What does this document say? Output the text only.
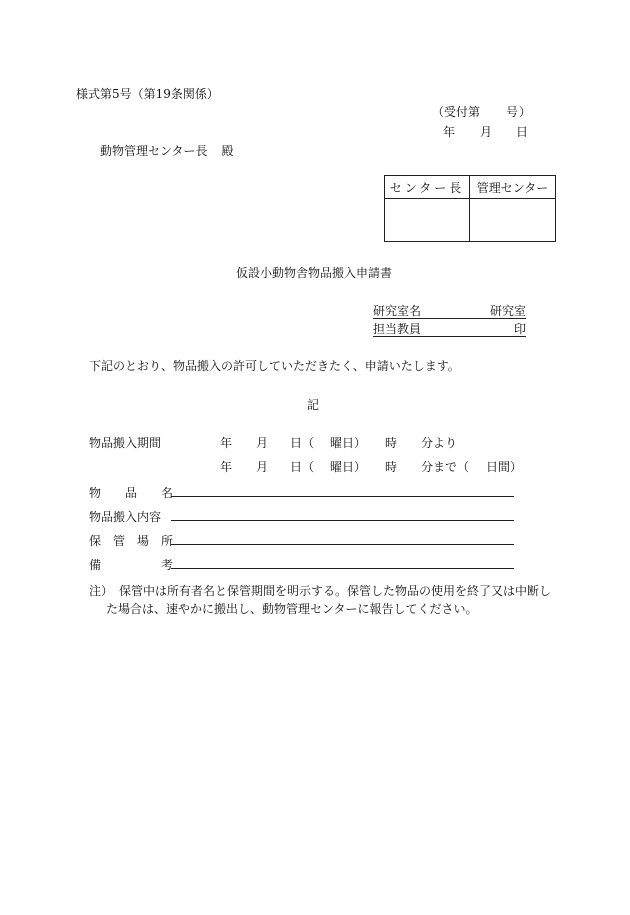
様式第5号（第19条関係）
（受付第 号 ）
年 月 日
動物管理センター長 殿
センター長	管理センター

仮設小動物舎物品搬入申請書
研究室名	研究室
担当教員	印
下記のとおり、物品搬入の許可していただきたく、申請いたします。
記
物品搬入期間	年 月 日（ 曜日） 時 分より
年 月 日（ 曜日） 時 分まで（ 日間）
物　　品　　名
物品搬入内容
保　管　場　所
備　　　　　考
注）　保管中は所有者名と保管期間を明示する。保管した物品の使用を終了又は中断し
た場合は、速やかに搬出し、動物管理センターに報告してください。
